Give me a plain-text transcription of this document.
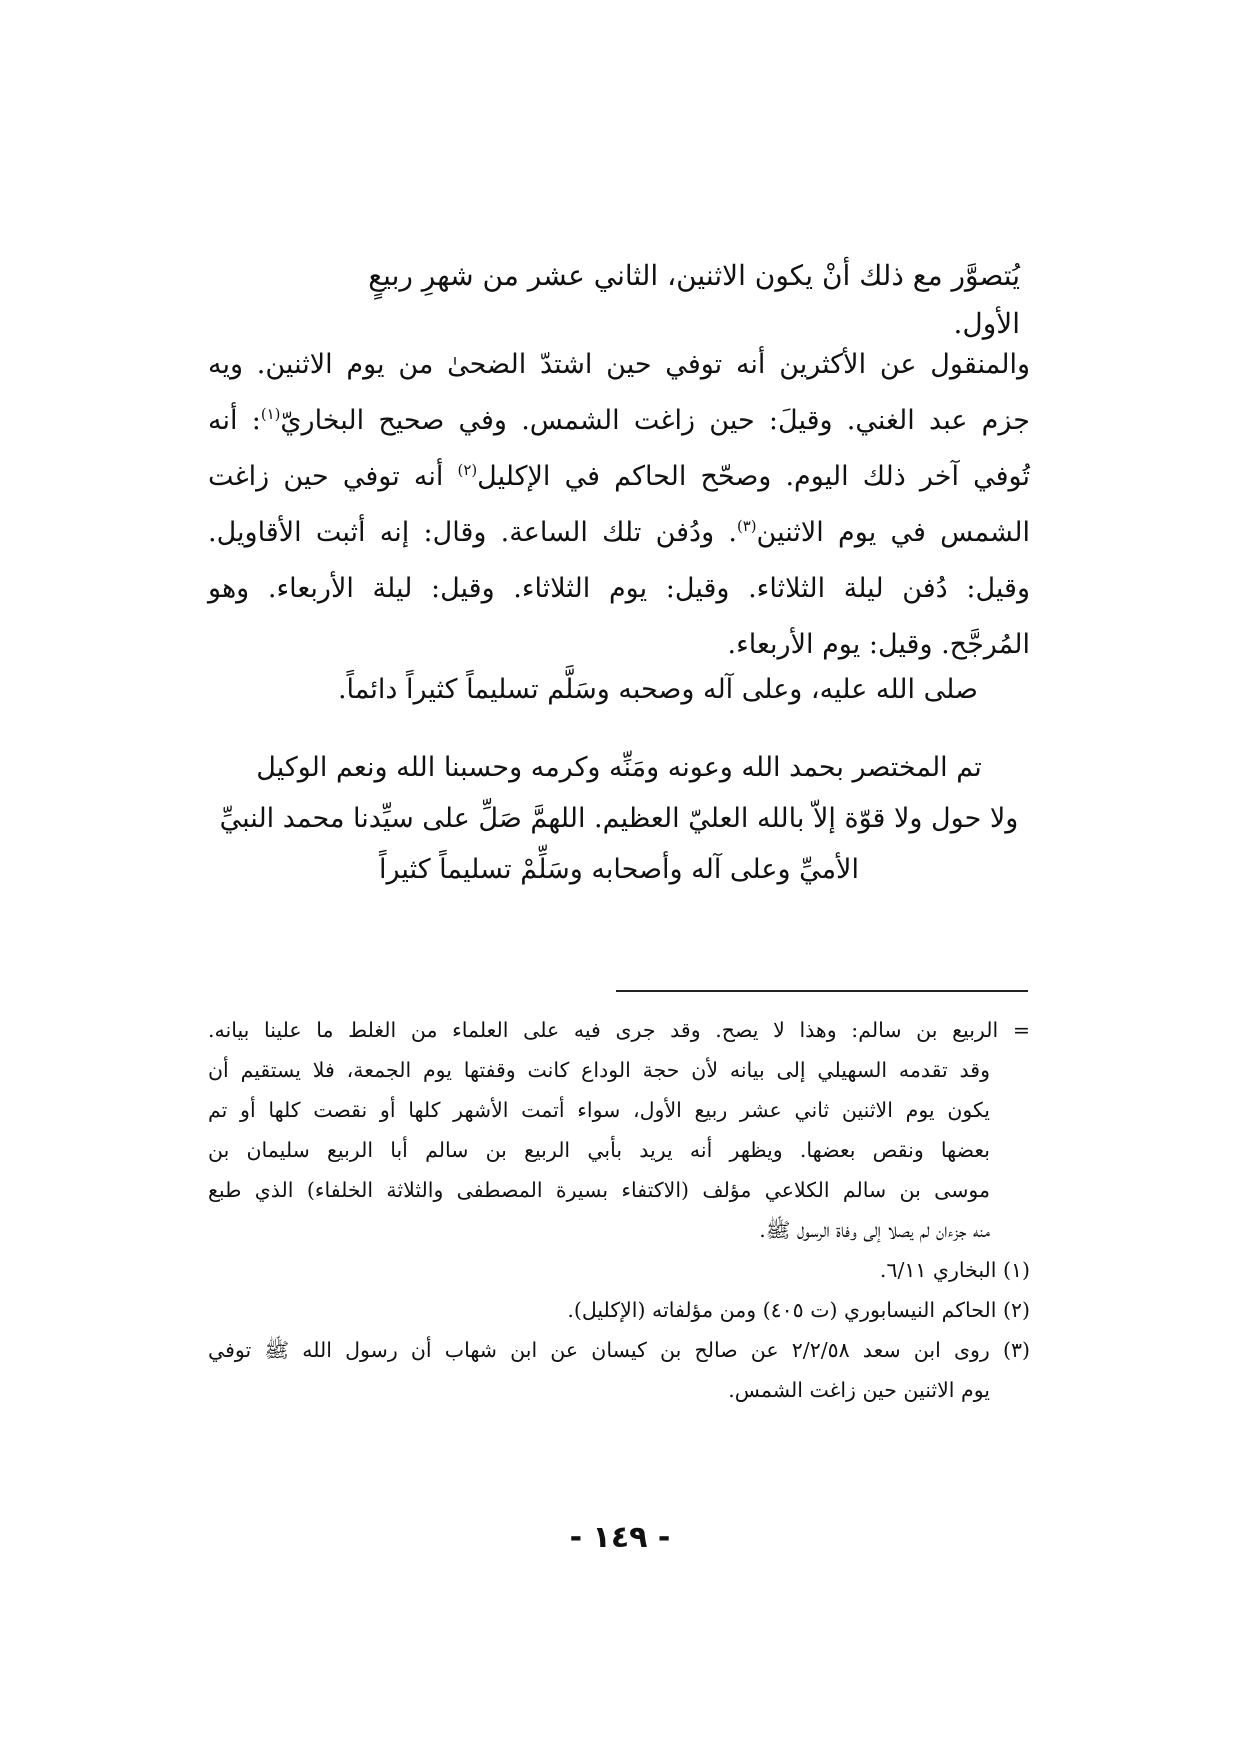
يُتصوَّر مع ذلك أنْ يكون الاثنين، الثاني عشر من شهرِ ربيعٍ الأول.
والمنقول عن الأكثرين أنه توفي حين اشتدّ الضحىٰ من يوم الاثنين. ويه
جزم عبد الغني. وقيلَ: حين زاغت الشمس. وفي صحيح البخاريّ$^{(١)}$: أنه
تُوفي آخر ذلك اليوم. وصحّح الحاكم في الإكليل$^{(٢)}$ أنه توفي حين زاغت
الشمس في يوم الاثنين$^{(٣)}$. ودُفن تلك الساعة. وقال: إنه أثبت الأقاويل.
وقيل: دُفن ليلة الثلاثاء. وقيل: يوم الثلاثاء. وقيل: ليلة الأربعاء. وهو
المُرجَّح. وقيل: يوم الأربعاء.
صلى الله عليه، وعلى آله وصحبه وسَلَّم تسليماً كثيراً دائماً.
تم المختصر بحمد الله وعونه ومَنِّه وكرمه وحسبنا الله ونعم الوكيل
ولا حول ولا قوّة إلاّ بالله العليّ العظيم. اللهمَّ صَلِّ على سيِّدنا محمد النبيِّ
الأميِّ وعلى آله وأصحابه وسَلِّمْ تسليماً كثيراً
= الربيع بن سالم: وهذا لا يصح. وقد جرى فيه على العلماء من الغلط ما علينا بيانه.
وقد تقدمه السهيلي إلى بيانه لأن حجة الوداع كانت وقفتها يوم الجمعة، فلا يستقيم أن
يكون يوم الاثنين ثاني عشر ربيع الأول، سواء أتمت الأشهر كلها أو نقصت كلها أو تم
بعضها ونقص بعضها. ويظهر أنه يريد بأبي الربيع بن سالم أبا الربيع سليمان بن
موسى بن سالم الكلاعي مؤلف (الاكتفاء بسيرة المصطفى والثلاثة الخلفاء) الذي طبع
منه جزءان لم يصلا إلى وفاة الرسول ﷺ.
(١) البخاري ٦/١١.
(٢) الحاكم النيسابوري (ت ٤٠٥) ومن مؤلفاته (الإكليل).
(٣) روى ابن سعد ٢/٢/٥٨ عن صالح بن كيسان عن ابن شهاب أن رسول الله ﷺ توفي
يوم الاثنين حين زاغت الشمس.
- ١٤٩ -
